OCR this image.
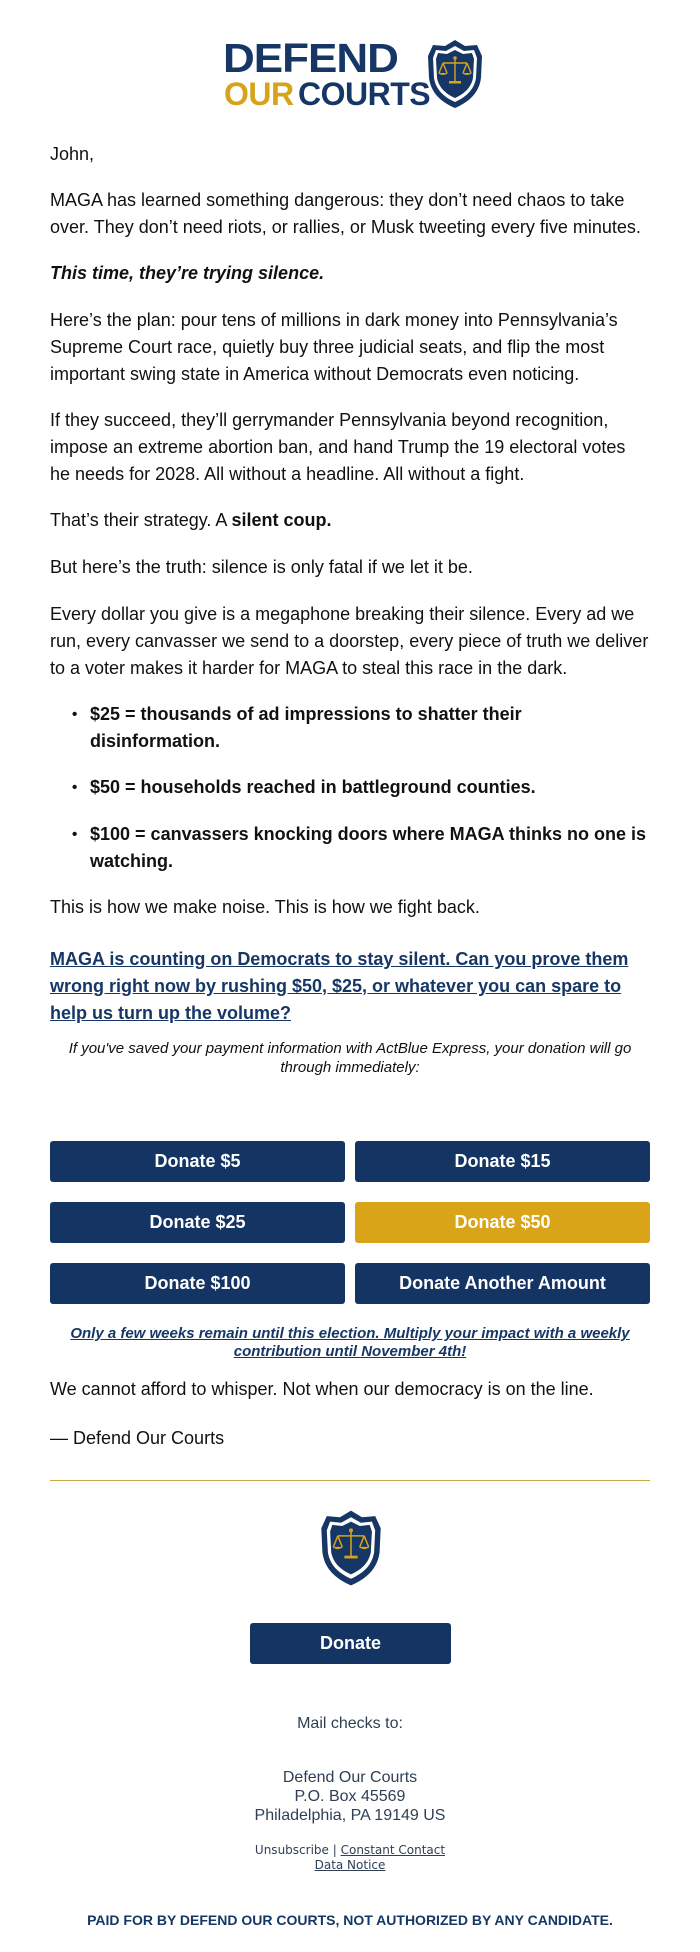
DEFEND
OUR COURTS
John,
MAGA has learned something dangerous: they don’t need chaos to take over. They don’t need riots, or rallies, or Musk tweeting every five minutes.
This time, they’re trying silence.
Here’s the plan: pour tens of millions in dark money into Pennsylvania’s Supreme Court race, quietly buy three judicial seats, and flip the most important swing state in America without Democrats even noticing.
If they succeed, they’ll gerrymander Pennsylvania beyond recognition, impose an extreme abortion ban, and hand Trump the 19 electoral votes he needs for 2028. All without a headline. All without a fight.
That’s their strategy. A silent coup.
But here’s the truth: silence is only fatal if we let it be.
Every dollar you give is a megaphone breaking their silence. Every ad we run, every canvasser we send to a doorstep, every piece of truth we deliver to a voter makes it harder for MAGA to steal this race in the dark.
• $25 = thousands of ad impressions to shatter their disinformation.
• $50 = households reached in battleground counties.
• $100 = canvassers knocking doors where MAGA thinks no one is watching.
This is how we make noise. This is how we fight back.
MAGA is counting on Democrats to stay silent. Can you prove them wrong right now by rushing $50, $25, or whatever you can spare to help us turn up the volume?
If you've saved your payment information with ActBlue Express, your donation will go through immediately:
Donate $5	Donate $15
Donate $25	Donate $50
Donate $100	Donate Another Amount
Only a few weeks remain until this election. Multiply your impact with a weekly contribution until November 4th!
We cannot afford to whisper. Not when our democracy is on the line.
— Defend Our Courts
Donate
Mail checks to:
Defend Our Courts
P.O. Box 45569
Philadelphia, PA 19149 US
Unsubscribe | Constant Contact
Data Notice
PAID FOR BY DEFEND OUR COURTS, NOT AUTHORIZED BY ANY CANDIDATE.
